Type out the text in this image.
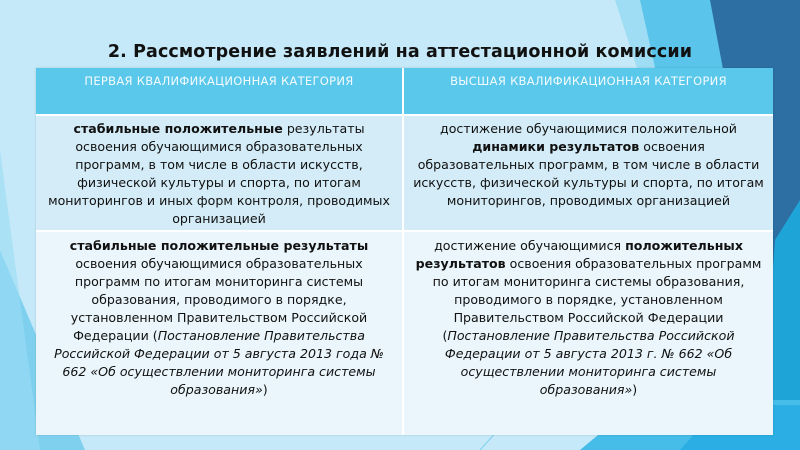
2. Рассмотрение заявлений на аттестационной комиссии
ПЕРВАЯ КВАЛИФИКАЦИОННАЯ КАТЕГОРИЯ	ВЫСШАЯ КВАЛИФИКАЦИОННАЯ КАТЕГОРИЯ
стабильные положительные результаты освоения обучающимися образовательных программ, в том числе в области искусств, физической культуры и спорта, по итогам мониторингов и иных форм контроля, проводимых организацией
достижение обучающимися положительной динамики результатов освоения образовательных программ, в том числе в области искусств, физической культуры и спорта, по итогам мониторингов, проводимых организацией
стабильные положительные результаты освоения обучающимися образовательных программ по итогам мониторинга системы образования, проводимого в порядке, установленном Правительством Российской Федерации (Постановление Правительства Российской Федерации от 5 августа 2013 года № 662 «Об осуществлении мониторинга системы образования»)
достижение обучающимися положительных результатов освоения образовательных программ по итогам мониторинга системы образования, проводимого в порядке, установленном Правительством Российской Федерации (Постановление Правительства Российской Федерации от 5 августа 2013 г. № 662 «Об осуществлении мониторинга системы образования»)
